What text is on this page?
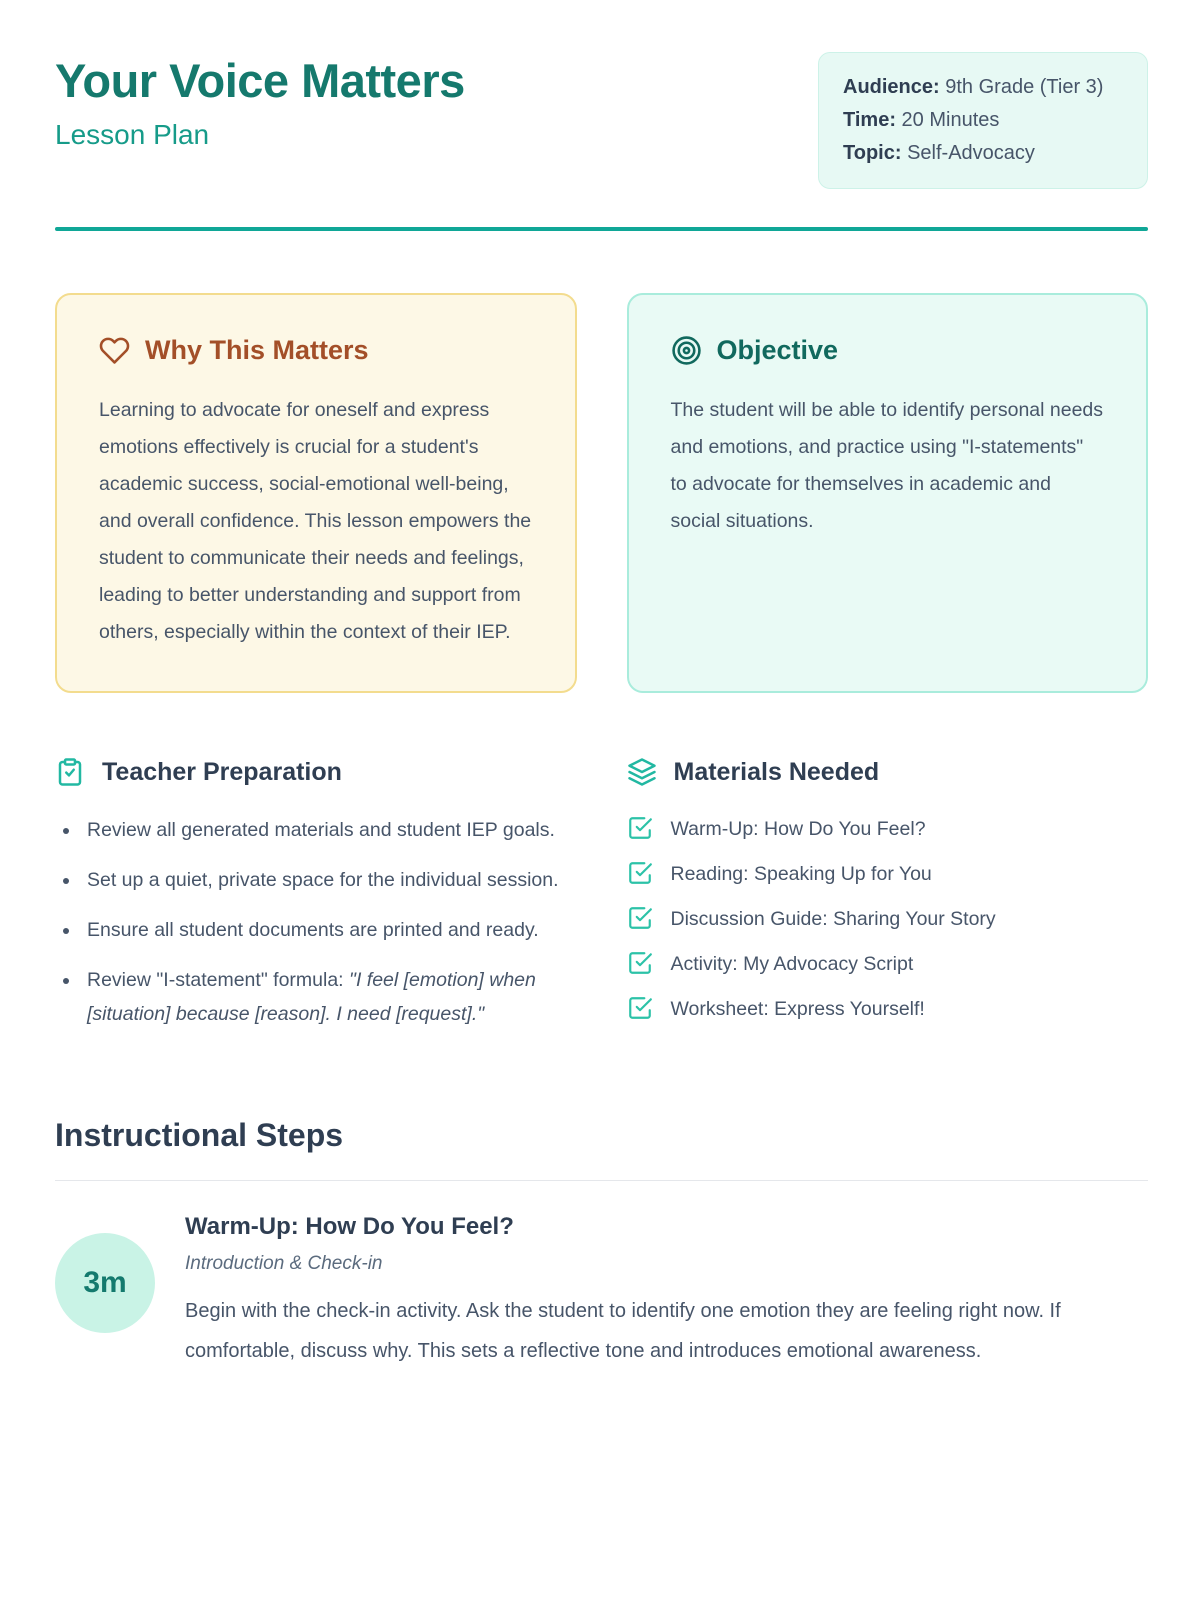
Your Voice Matters
Lesson Plan
Audience: 9th Grade (Tier 3)
Time: 20 Minutes
Topic: Self-Advocacy
Why This Matters
Learning to advocate for oneself and express emotions effectively is crucial for a student's academic success, social-emotional well-being, and overall confidence. This lesson empowers the student to communicate their needs and feelings, leading to better understanding and support from others, especially within the context of their IEP.
Objective
The student will be able to identify personal needs and emotions, and practice using "I-statements" to advocate for themselves in academic and social situations.
Teacher Preparation
• Review all generated materials and student IEP goals.
• Set up a quiet, private space for the individual session.
• Ensure all student documents are printed and ready.
• Review "I-statement" formula: "I feel [emotion] when [situation] because [reason]. I need [request]."
Materials Needed
Warm-Up: How Do You Feel?
Reading: Speaking Up for You
Discussion Guide: Sharing Your Story
Activity: My Advocacy Script
Worksheet: Express Yourself!
Instructional Steps
3m
Warm-Up: How Do You Feel?
Introduction & Check-in
Begin with the check-in activity. Ask the student to identify one emotion they are feeling right now. If comfortable, discuss why. This sets a reflective tone and introduces emotional awareness.
